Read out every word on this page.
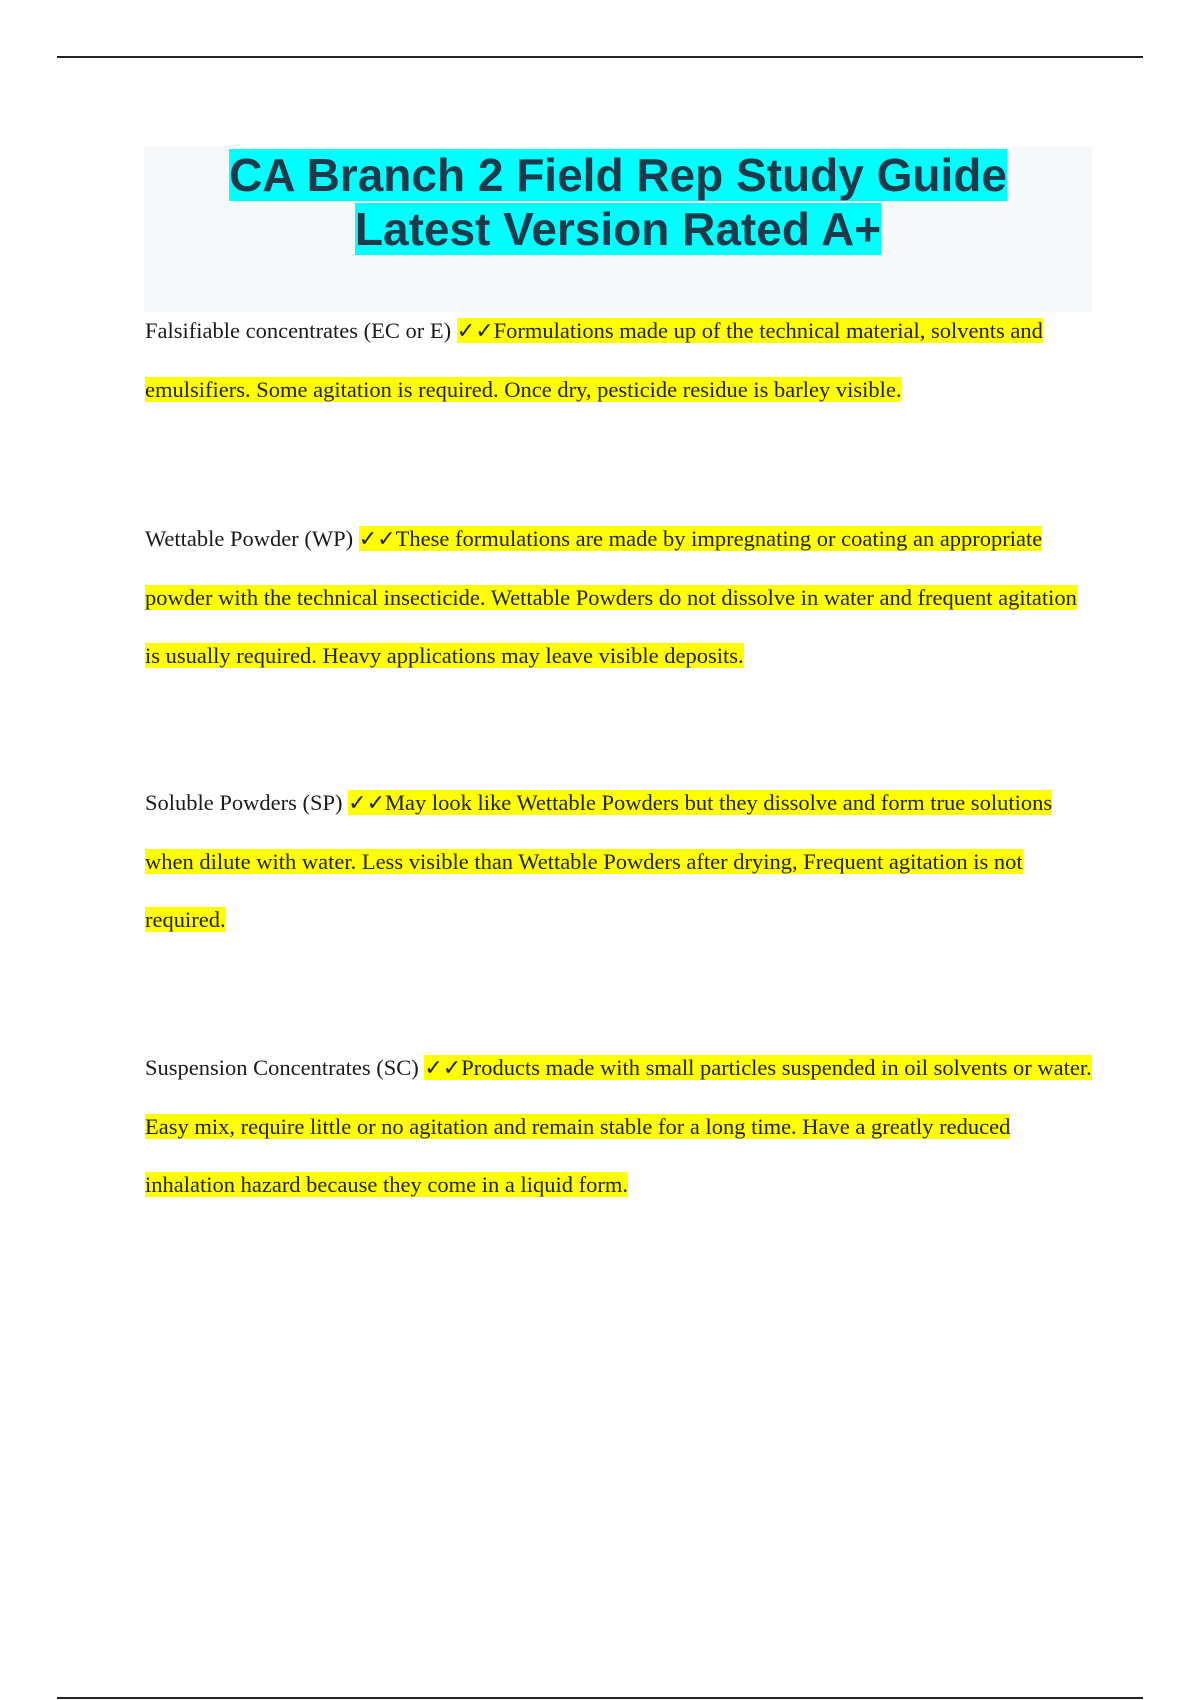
CA Branch 2 Field Rep Study Guide
Latest Version Rated A+

Falsifiable concentrates (EC or E) ✓✓Formulations made up of the technical material, solvents and emulsifiers. Some agitation is required. Once dry, pesticide residue is barley visible.

Wettable Powder (WP) ✓✓These formulations are made by impregnating or coating an appropriate powder with the technical insecticide. Wettable Powders do not dissolve in water and frequent agitation is usually required. Heavy applications may leave visible deposits.

Soluble Powders (SP) ✓✓May look like Wettable Powders but they dissolve and form true solutions when dilute with water. Less visible than Wettable Powders after drying, Frequent agitation is not required.

Suspension Concentrates (SC) ✓✓Products made with small particles suspended in oil solvents or water. Easy mix, require little or no agitation and remain stable for a long time. Have a greatly reduced inhalation hazard because they come in a liquid form.
